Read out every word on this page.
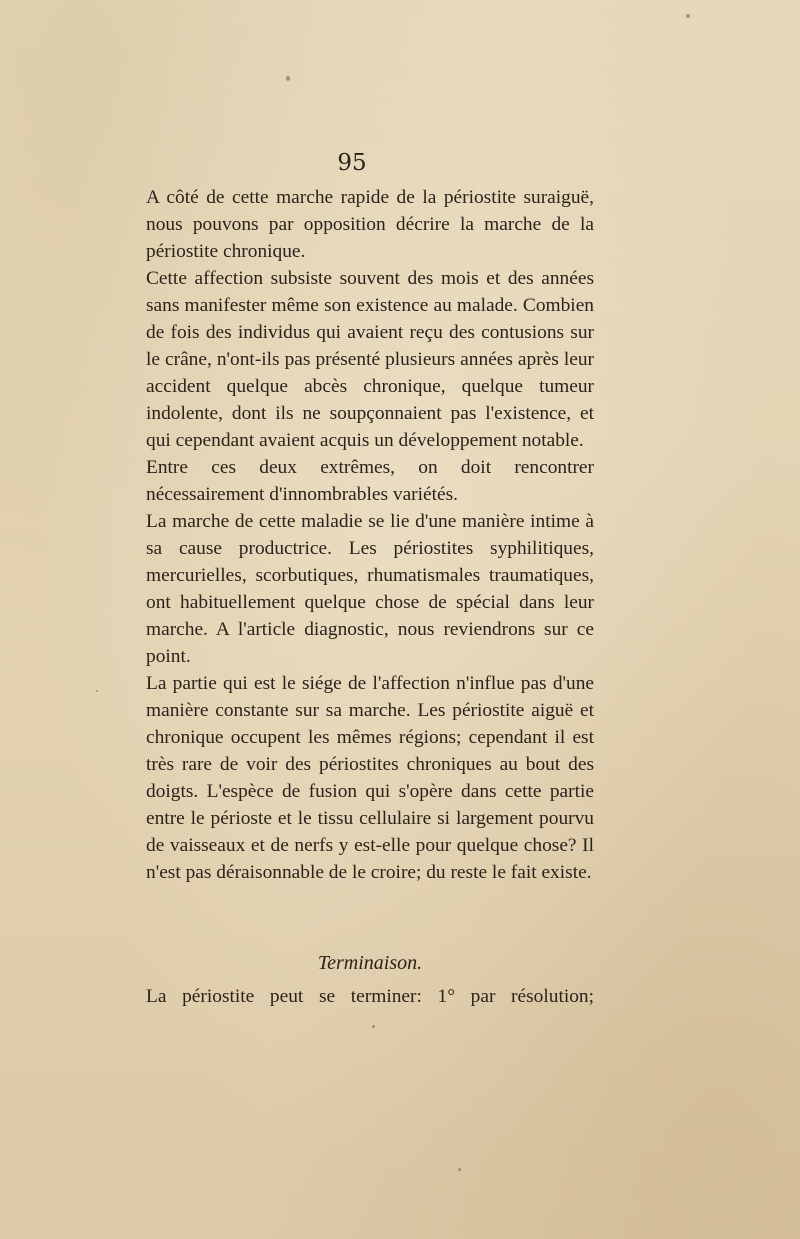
95

A côté de cette marche rapide de la périostite suraiguë, nous pouvons par opposition décrire la marche de la périostite chronique.

Cette affection subsiste souvent des mois et des années sans manifester même son existence au malade. Combien de fois des individus qui avaient reçu des contusions sur le crâne, n'ont-ils pas présenté plusieurs années après leur accident quelque abcès chronique, quelque tumeur indolente, dont ils ne soupçonnaient pas l'existence, et qui cependant avaient acquis un développement notable.

Entre ces deux extrêmes, on doit rencontrer nécessairement d'innombrables variétés.

La marche de cette maladie se lie d'une manière intime à sa cause productrice. Les périostites syphilitiques, mercurielles, scorbutiques, rhumatismales traumatiques, ont habituellement quelque chose de spécial dans leur marche. A l'article diagnostic, nous reviendrons sur ce point.

La partie qui est le siége de l'affection n'influe pas d'une manière constante sur sa marche. Les périostite aiguë et chronique occupent les mêmes régions; cependant il est très rare de voir des périostites chroniques au bout des doigts. L'espèce de fusion qui s'opère dans cette partie entre le périoste et le tissu cellulaire si largement pourvu de vaisseaux et de nerfs y est-elle pour quelque chose? Il n'est pas déraisonnable de le croire; du reste le fait existe.

Terminaison.
La périostite peut se terminer: 1° par résolution;
